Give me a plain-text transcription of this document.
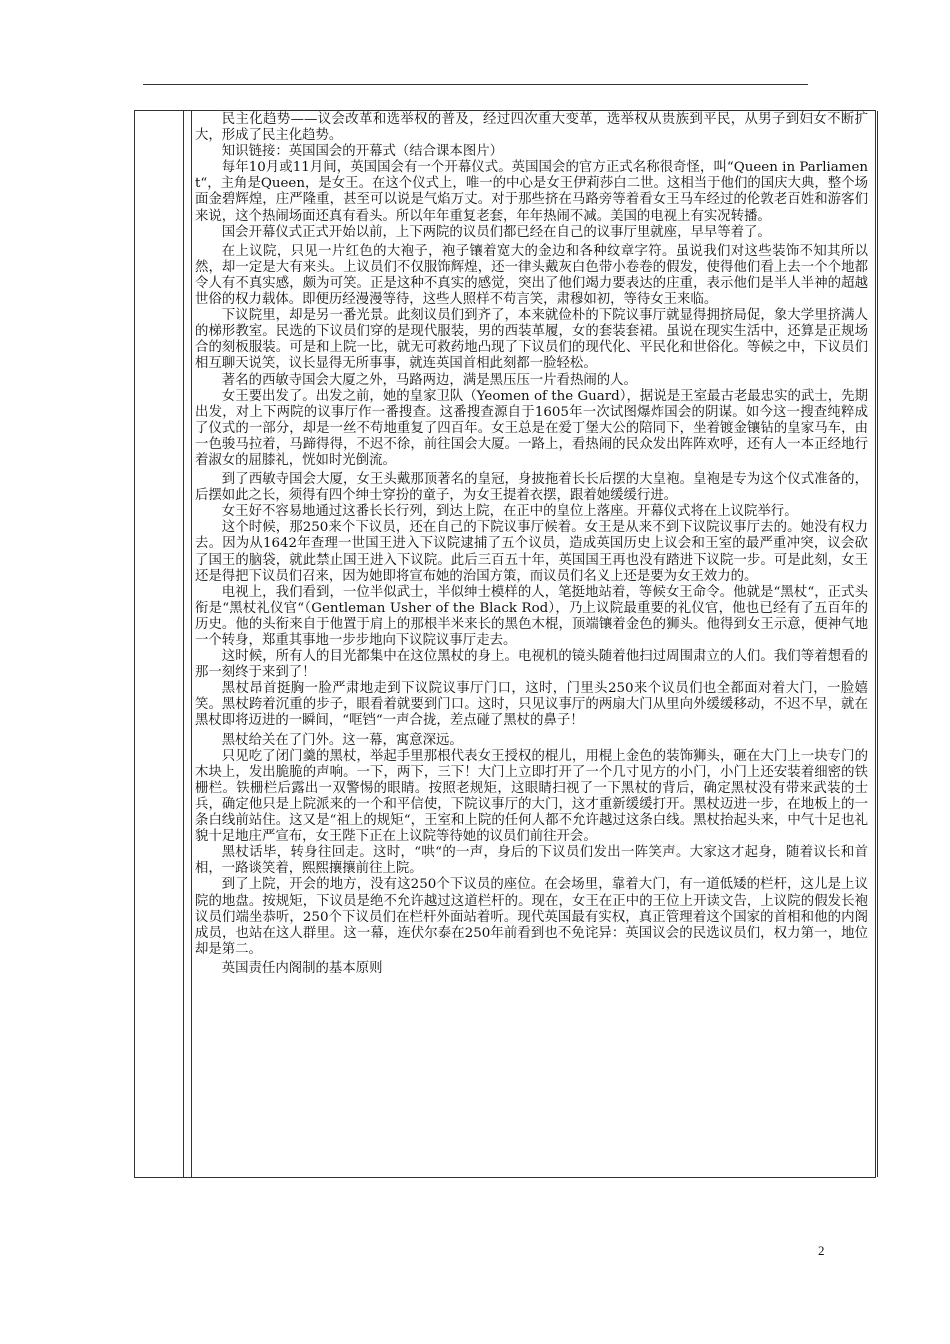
民主化趋势——议会改革和选举权的普及，经过四次重大变革，选举权从贵族到平民，从男子到妇女不断扩大，形成了民主化趋势。

知识链接：英国国会的开幕式（结合课本图片）

每年10月或11月间，英国国会有一个开幕仪式。英国国会的官方正式名称很奇怪，叫“Queen in Parliament“，主角是Queen，是女王。在这个仪式上，唯一的中心是女王伊莉莎白二世。这相当于他们的国庆大典，整个场面金碧辉煌，庄严隆重，甚至可以说是气焰万丈。对于那些挤在马路旁等着看女王马车经过的伦敦老百姓和游客们来说，这个热闹场面还真有看头。所以年年重复老套，年年热闹不减。美国的电视上有实况转播。

国会开幕仪式正式开始以前，上下两院的议员们都已经在自己的议事厅里就座，早早等着了。

在上议院，只见一片红色的大袍子，袍子镶着宽大的金边和各种纹章字符。虽说我们对这些装饰不知其所以然，却一定是大有来头。上议员们不仅服饰辉煌，还一律头戴灰白色带小卷卷的假发，使得他们看上去一个个地都令人有不真实感，颇为可笑。正是这种不真实的感觉，突出了他们竭力要表达的庄重，表示他们是半人半神的超越世俗的权力载体。即便历经漫漫等待，这些人照样不苟言笑，肃穆如初，等待女王来临。

下议院里，却是另一番光景。此刻议员们到齐了，本来就俭朴的下院议事厅就显得拥挤局促，象大学里挤满人的梯形教室。民选的下议员们穿的是现代服装，男的西装革履，女的套装套裙。虽说在现实生活中，还算是正规场合的刻板服装。可是和上院一比，就无可救药地凸现了下议员们的现代化、平民化和世俗化。等候之中，下议员们相互聊天说笑，议长显得无所事事，就连英国首相此刻都一脸轻松。

著名的西敏寺国会大厦之外，马路两边，满是黑压压一片看热闹的人。

女王要出发了。出发之前，她的皇家卫队（Yeomen of the Guard），据说是王室最古老最忠实的武士，先期出发，对上下两院的议事厅作一番搜查。这番搜查源自于1605年一次试图爆炸国会的阴谋。如今这一搜查纯粹成了仪式的一部分，却是一丝不苟地重复了四百年。女王总是在爱丁堡大公的陪同下，坐着镀金镶钻的皇家马车，由一色骏马拉着，马蹄得得，不迟不徐，前往国会大厦。一路上，看热闹的民众发出阵阵欢呼，还有人一本正经地行着淑女的屈膝礼，恍如时光倒流。

到了西敏寺国会大厦，女王头戴那顶著名的皇冠，身披拖着长长后摆的大皇袍。皇袍是专为这个仪式准备的，后摆如此之长，须得有四个绅士穿扮的童子，为女王提着衣摆，跟着她缓缓行进。

女王好不容易地通过这番长长行列，到达上院，在正中的皇位上落座。开幕仪式将在上议院举行。

这个时候，那250来个下议员，还在自己的下院议事厅候着。女王是从来不到下议院议事厅去的。她没有权力去。因为从1642年查理一世国王进入下议院逮捕了五个议员，造成英国历史上议会和王室的最严重冲突，议会砍了国王的脑袋，就此禁止国王进入下议院。此后三百五十年，英国国王再也没有踏进下议院一步。可是此刻，女王还是得把下议员们召来，因为她即将宣布她的治国方策，而议员们名义上还是要为女王效力的。

电视上，我们看到，一位半似武士，半似绅士模样的人，笔挺地站着，等候女王命令。他就是“黑杖“，正式头衔是“黑杖礼仪官“（Gentleman Usher of the Black Rod），乃上议院最重要的礼仪官，他也已经有了五百年的历史。他的头衔来自于他置于肩上的那根半米来长的黑色木棍，顶端镶着金色的狮头。他得到女王示意，便神气地一个转身，郑重其事地一步步地向下议院议事厅走去。

这时候，所有人的目光都集中在这位黑杖的身上。电视机的镜头随着他扫过周围肃立的人们。我们等着想看的那一刻终于来到了！

黑杖昂首挺胸一脸严肃地走到下议院议事厅门口，这时，门里头250来个议员们也全都面对着大门，一脸嬉笑。黑杖跨着沉重的步子，眼看着就要到门口。这时，只见议事厅的两扇大门从里向外缓缓移动，不迟不早，就在黑杖即将迈进的一瞬间，“哐铛“一声合拢，差点碰了黑杖的鼻子！

黑杖给关在了门外。这一幕，寓意深远。

只见吃了闭门羹的黑杖，举起手里那根代表女王授权的棍儿，用棍上金色的装饰狮头，砸在大门上一块专门的木块上，发出脆脆的声响。一下，两下，三下！大门上立即打开了一个几寸见方的小门，小门上还安装着细密的铁栅栏。铁栅栏后露出一双警惕的眼睛。按照老规矩，这眼睛扫视了一下黑杖的背后，确定黑杖没有带来武装的士兵，确定他只是上院派来的一个和平信使，下院议事厅的大门，这才重新缓缓打开。黑杖迈进一步，在地板上的一条白线前站住。这又是“祖上的规矩“，王室和上院的任何人都不允许越过这条白线。黑杖抬起头来，中气十足也礼貌十足地庄严宣布，女王陛下正在上议院等待她的议员们前往开会。

黑杖话毕，转身往回走。这时，“哄“的一声，身后的下议员们发出一阵笑声。大家这才起身，随着议长和首相，一路谈笑着，熙熙攘攘前往上院。

到了上院，开会的地方，没有这250个下议员的座位。在会场里，靠着大门，有一道低矮的栏杆，这儿是上议院的地盘。按规矩，下议员是绝不允许越过这道栏杆的。现在，女王在正中的王位上开读文告，上议院的假发长袍议员们端坐恭听，250个下议员们在栏杆外面站着听。现代英国最有实权，真正管理着这个国家的首相和他的内阁成员，也站在这人群里。这一幕，连伏尔泰在250年前看到也不免诧异：英国议会的民选议员们，权力第一，地位却是第二。

英国责任内阁制的基本原则

2
